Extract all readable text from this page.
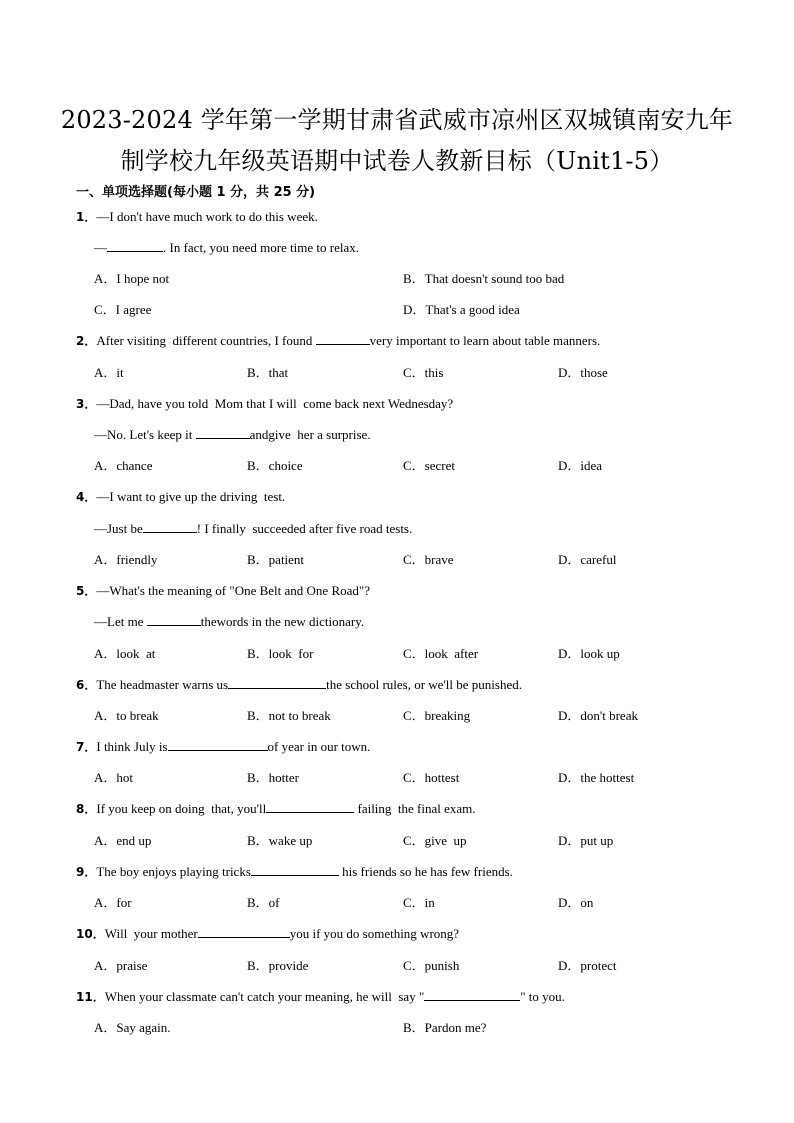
2023-2024 学年第一学期甘肃省武威市凉州区双城镇南安九年
制学校九年级英语期中试卷人教新目标（Unit1-5）
一、单项选择题(每小题 1 分，共 25 分)
1．—I don't have much work to do this week.
—	. In fact, you need more time to relax.
A．I hope not	B．That doesn't sound too bad
C．I agree	D．That's a good idea
2．After visiting  different countries, I found	very important to learn about table manners.
A．it	B．that	C．this	D．those
3．—Dad, have you told  Mom that I will  come back next Wednesday?
—No. Let's keep it	andgive  her a surprise.
A．chance	B．choice	C．secret	D．idea
4．—I want to give up the driving  test.
—Just be	! I finally  succeeded after five road tests.
A．friendly	B．patient	C．brave	D．careful
5．—What's the meaning of "One Belt and One Road"?
—Let me	thewords in the new dictionary.
A．look  at	B．look  for	C．look  after	D．look up
6．The headmaster warns us	the school rules, or we'll be punished.
A．to break	B．not to break	C．breaking	D．don't break
7．I think July is	of year in our town.
A．hot	B．hotter	C．hottest	D．the hottest
8．If you keep on doing  that, you'll	failing  the final exam.
A．end up	B．wake up	C．give  up	D．put up
9．The boy enjoys playing tricks	his friends so he has few friends.
A．for	B．of	C．in	D．on
10．Will  your mother	you if you do something wrong?
A．praise	B．provide	C．punish	D．protect
11．When your classmate can't catch your meaning, he will  say "	" to you.
A．Say again.	B．Pardon me?
